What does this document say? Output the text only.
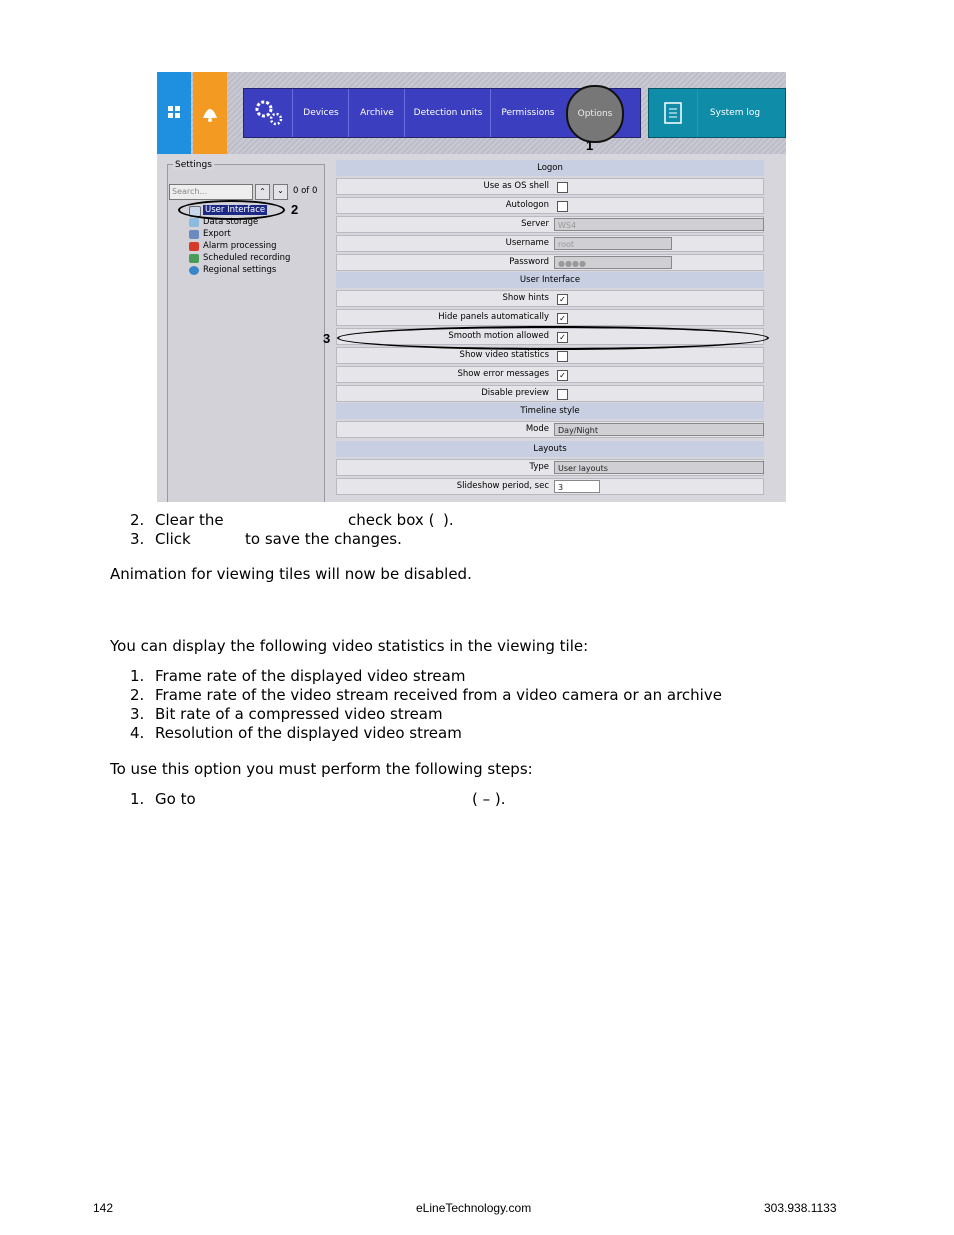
Devices	Archive	Detection units	Permissions	Options	System log
1
Settings
Search...	⌃	⌄	0 of 0
User Interface
Data storage
Export
Alarm processing
Scheduled recording
Regional settings
2
Logon
Use as OS shell
Autologon
Server	WS4
Username	root
Password	●●●●
User Interface
Show hints ✓
Hide panels automatically ✓
Smooth motion allowed ✓
Show video statistics
Show error messages ✓
Disable preview
Timeline style
Mode	Day/Night
Layouts
Type	User layouts
Slideshow period, sec	3
3
2. Clear the	check box ( ).
3. Click	to save the changes.
Animation for viewing tiles will now be disabled.
You can display the following video statistics in the viewing tile:
1. Frame rate of the displayed video stream
2. Frame rate of the video stream received from a video camera or an archive
3. Bit rate of a compressed video stream
4. Resolution of the displayed video stream
To use this option you must perform the following steps:
1. Go to	( – ).
142	eLineTechnology.com	303.938.1133
